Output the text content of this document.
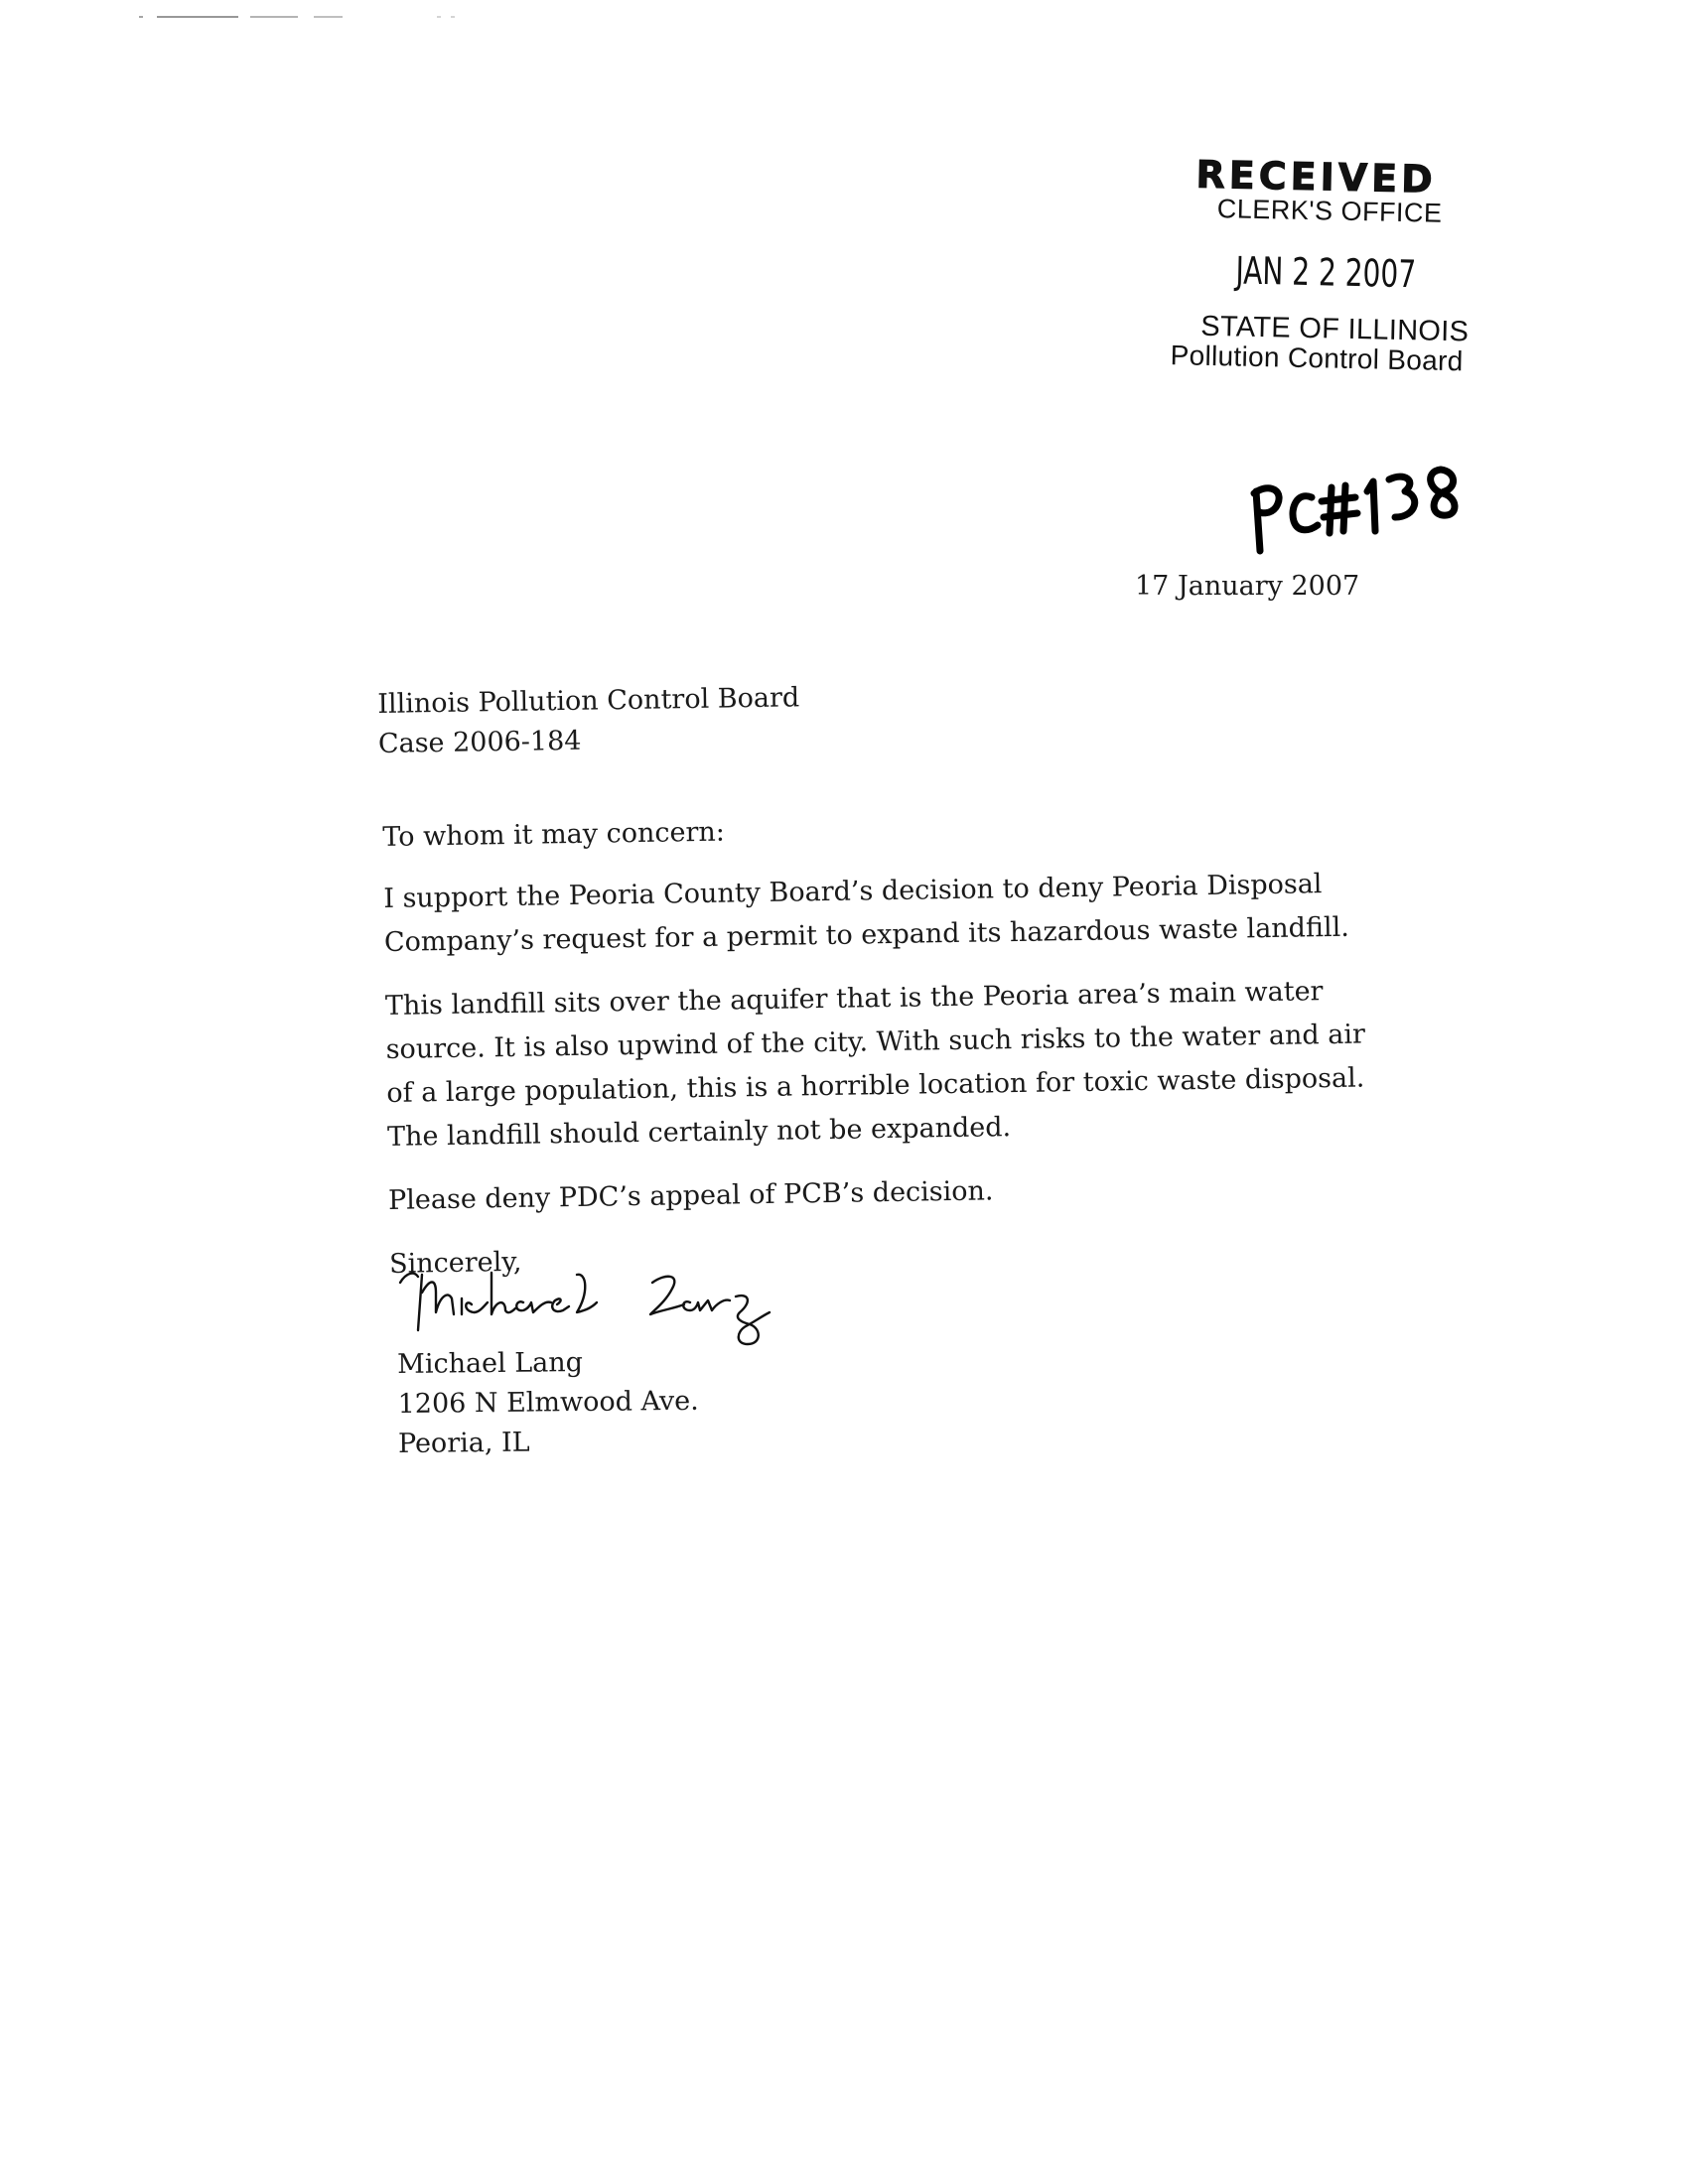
RECEIVED
CLERK'S OFFICE
JAN 2 2 2007
STATE OF ILLINOIS
Pollution Control Board
17 January 2007
Illinois Pollution Control Board
Case 2006-184

To whom it may concern:

I support the Peoria County Board’s decision to deny Peoria Disposal Company’s request for a permit to expand its hazardous waste landfill.

This landfill sits over the aquifer that is the Peoria area’s main water source. It is also upwind of the city. With such risks to the water and air of a large population, this is a horrible location for toxic waste disposal. The landfill should certainly not be expanded.

Please deny PDC’s appeal of PCB’s decision.

Sincerely,

Michael Lang
1206 N Elmwood Ave.
Peoria, IL
